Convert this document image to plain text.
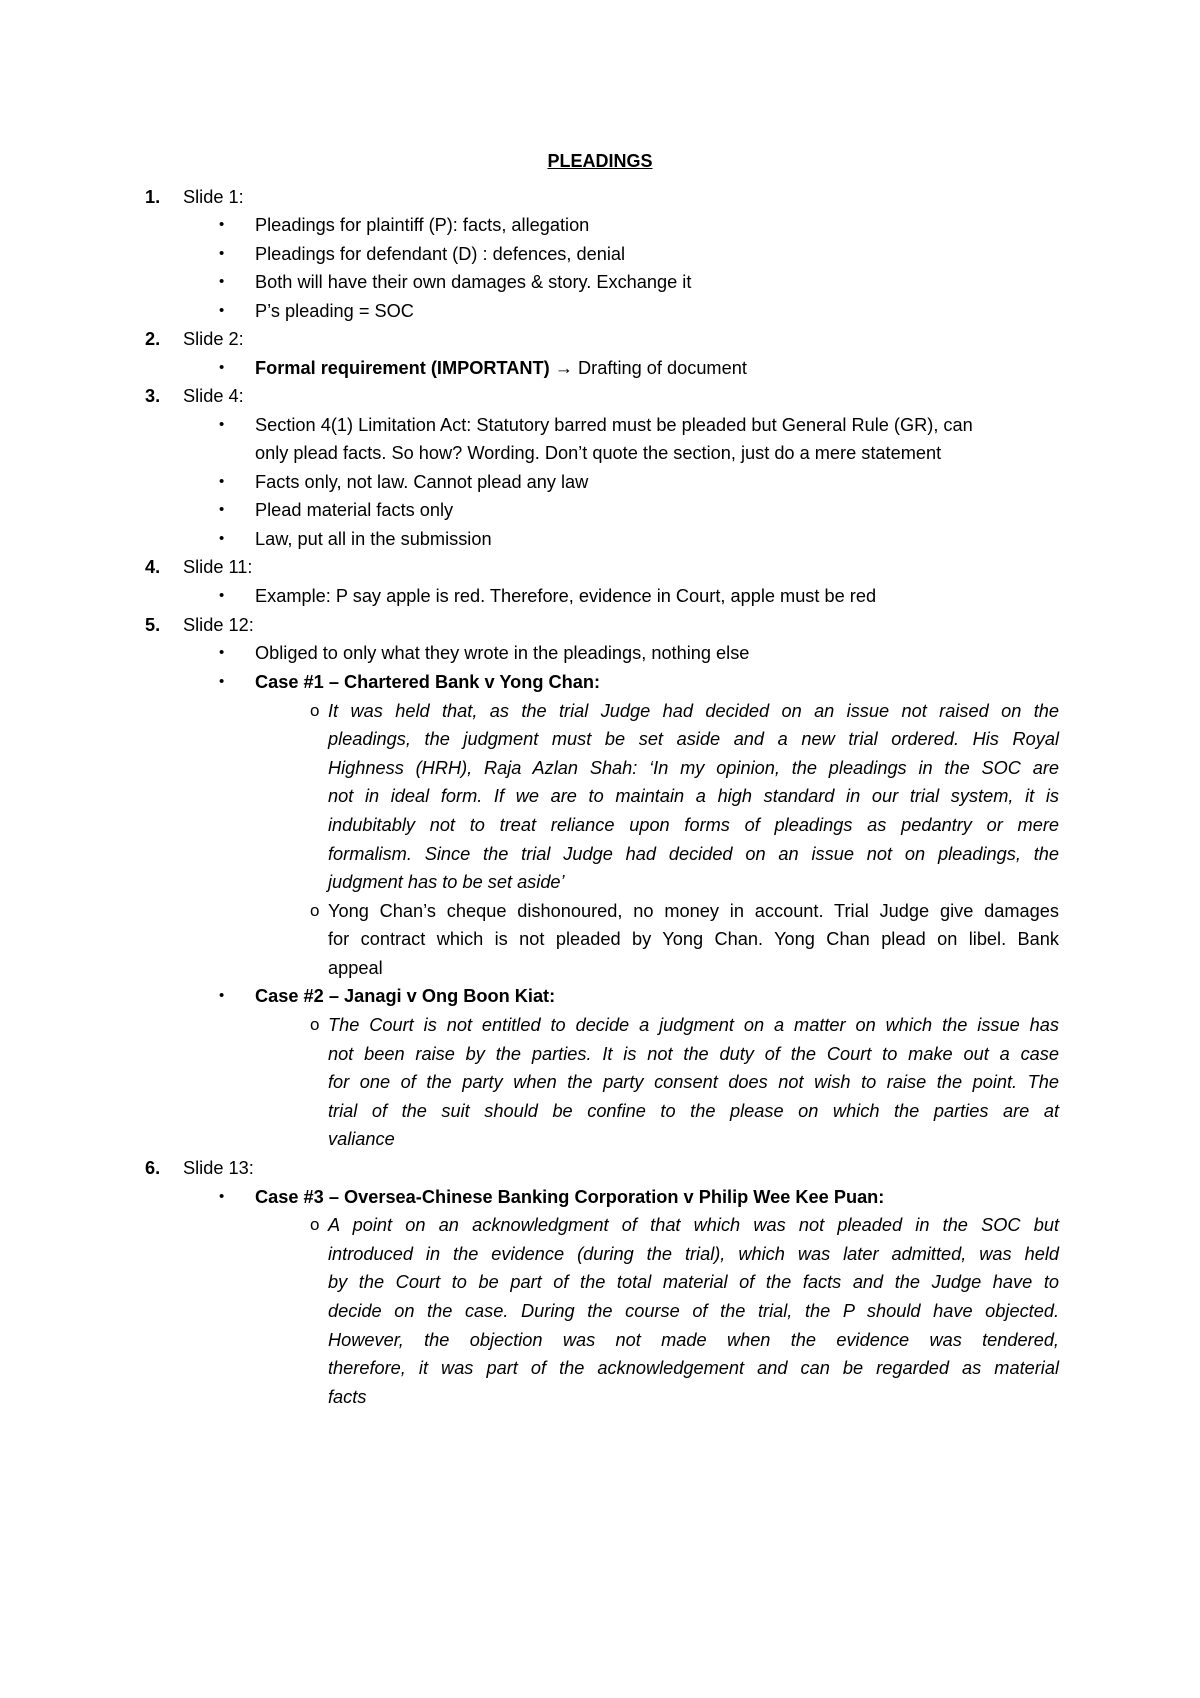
PLEADINGS
1. Slide 1:
• Pleadings for plaintiff (P): facts, allegation
• Pleadings for defendant (D) : defences, denial
• Both will have their own damages & story. Exchange it
• P’s pleading = SOC
2. Slide 2:
• Formal requirement (IMPORTANT) → Drafting of document
3. Slide 4:
• Section 4(1) Limitation Act: Statutory barred must be pleaded but General Rule (GR), can
only plead facts. So how? Wording. Don’t quote the section, just do a mere statement
• Facts only, not law. Cannot plead any law
• Plead material facts only
• Law, put all in the submission
4. Slide 11:
• Example: P say apple is red. Therefore, evidence in Court, apple must be red
5. Slide 12:
• Obliged to only what they wrote in the pleadings, nothing else
• Case #1 – Chartered Bank v Yong Chan:
o It was held that, as the trial Judge had decided on an issue not raised on the
pleadings, the judgment must be set aside and a new trial ordered. His Royal
Highness (HRH), Raja Azlan Shah: ‘In my opinion, the pleadings in the SOC are
not in ideal form. If we are to maintain a high standard in our trial system, it is
indubitably not to treat reliance upon forms of pleadings as pedantry or mere
formalism. Since the trial Judge had decided on an issue not on pleadings, the
judgment has to be set aside’
o Yong Chan’s cheque dishonoured, no money in account. Trial Judge give damages
for contract which is not pleaded by Yong Chan. Yong Chan plead on libel. Bank
appeal
• Case #2 – Janagi v Ong Boon Kiat:
o The Court is not entitled to decide a judgment on a matter on which the issue has
not been raise by the parties. It is not the duty of the Court to make out a case
for one of the party when the party consent does not wish to raise the point. The
trial of the suit should be confine to the please on which the parties are at
valiance
6. Slide 13:
• Case #3 – Oversea-Chinese Banking Corporation v Philip Wee Kee Puan:
o A point on an acknowledgment of that which was not pleaded in the SOC but
introduced in the evidence (during the trial), which was later admitted, was held
by the Court to be part of the total material of the facts and the Judge have to
decide on the case. During the course of the trial, the P should have objected.
However, the objection was not made when the evidence was tendered,
therefore, it was part of the acknowledgement and can be regarded as material
facts
